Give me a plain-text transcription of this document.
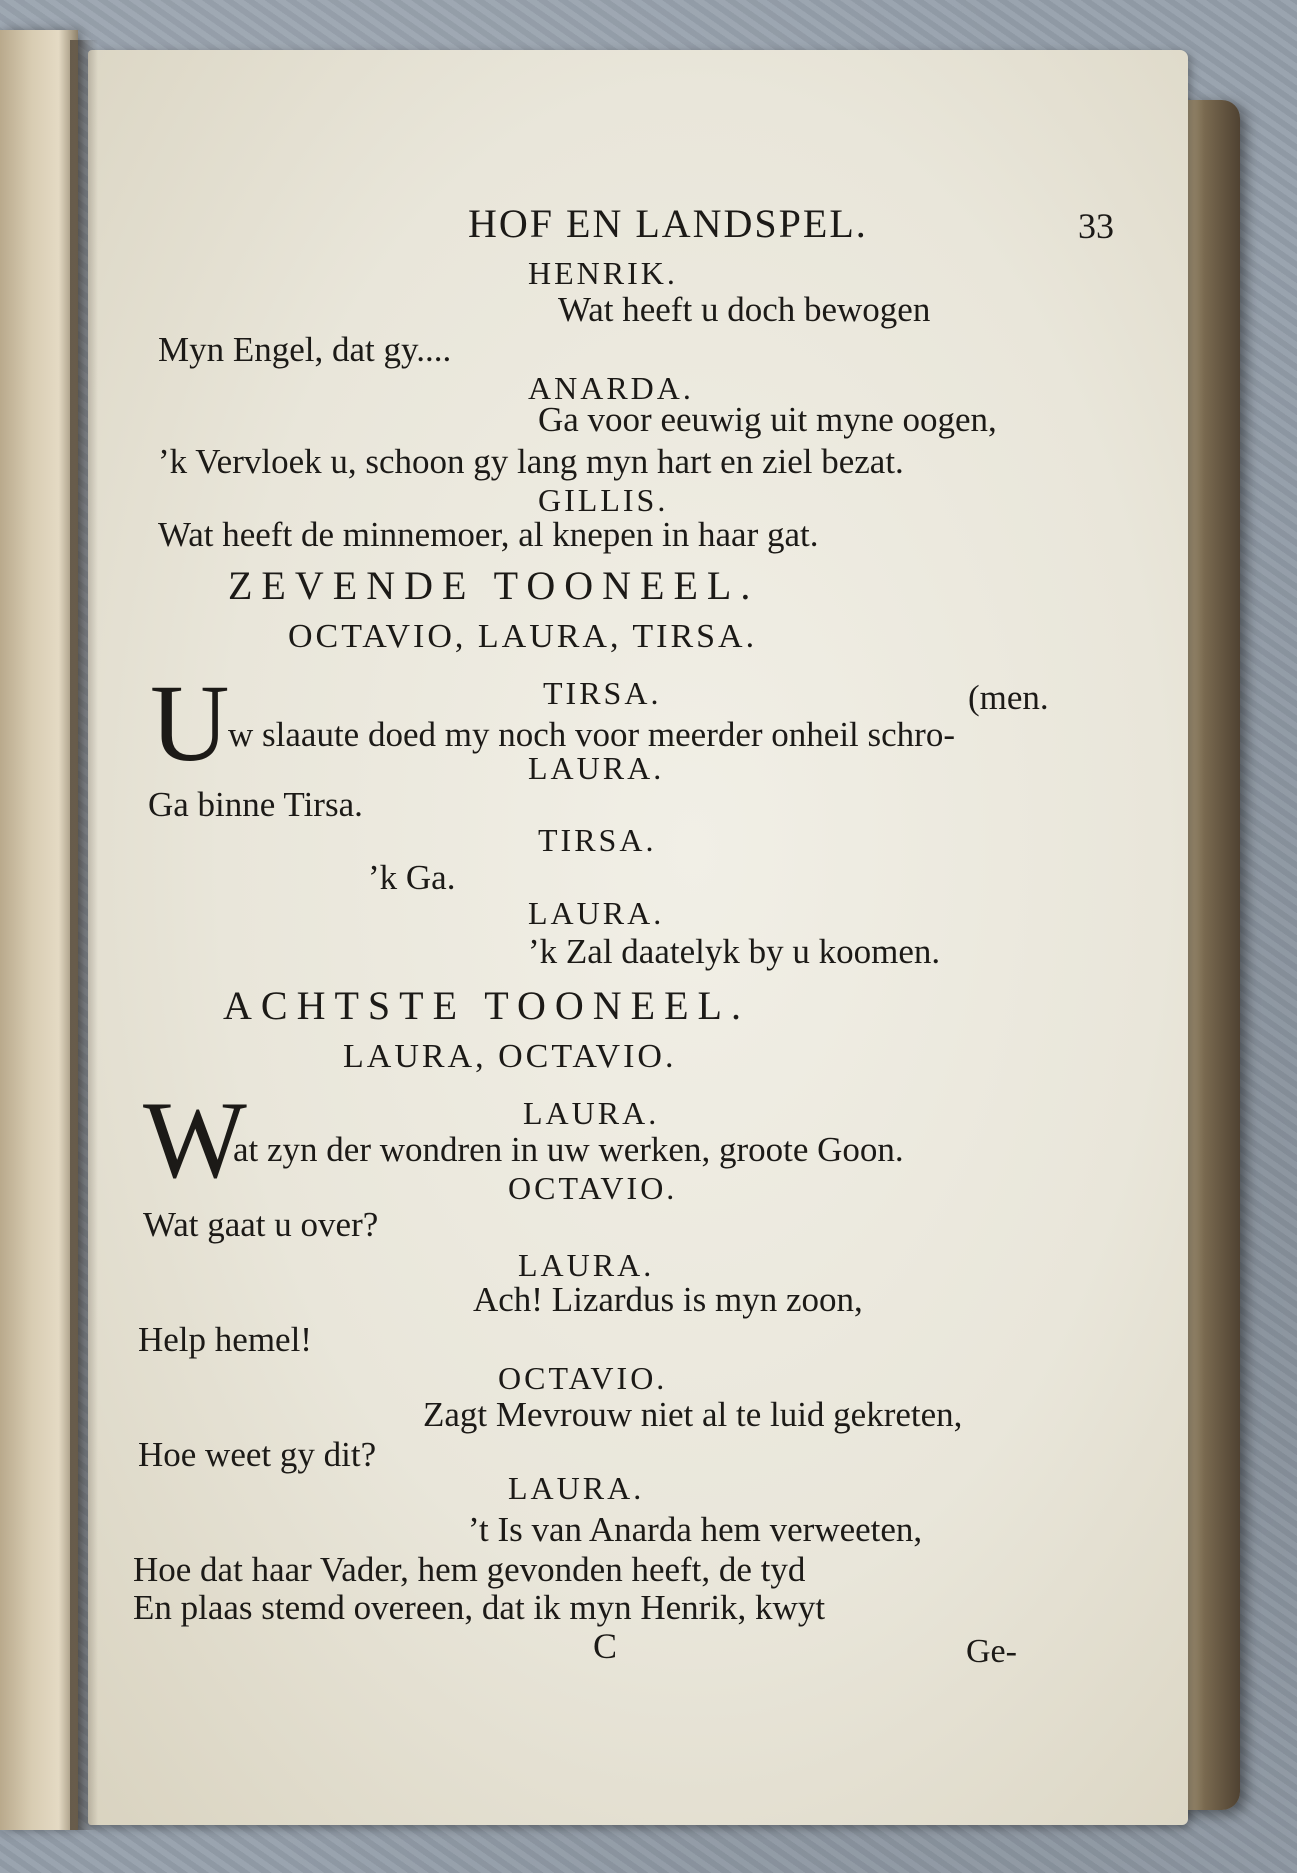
HOF EN LANDSPEL.	33
HENRIK.
Wat heeft u doch bewogen
Myn Engel, dat gy....
ANARDA.
Ga voor eeuwig uit myne oogen,
’k Vervloek u, schoon gy lang myn hart en ziel bezat.
GILLIS.
Wat heeft de minnemoer, al knepen in haar gat.
ZEVENDE TOONEEL.
OCTAVIO, LAURA, TIRSA.
U	TIRSA.	(men.
w slaaute doed my noch voor meerder onheil schro-
LAURA.
Ga binne Tirsa.
TIRSA.
’k Ga.
LAURA.
’k Zal daatelyk by u koomen.
ACHTSTE TOONEEL.
LAURA, OCTAVIO.
W	LAURA.
at zyn der wondren in uw werken, groote Goon.
OCTAVIO.
Wat gaat u over?
LAURA.
Ach! Lizardus is myn zoon,
Help hemel!
OCTAVIO.
Zagt Mevrouw niet al te luid gekreten,
Hoe weet gy dit?
LAURA.
’t Is van Anarda hem verweeten,
Hoe dat haar Vader, hem gevonden heeft, de tyd
En plaas stemd overeen, dat ik myn Henrik, kwyt
C	Ge-
